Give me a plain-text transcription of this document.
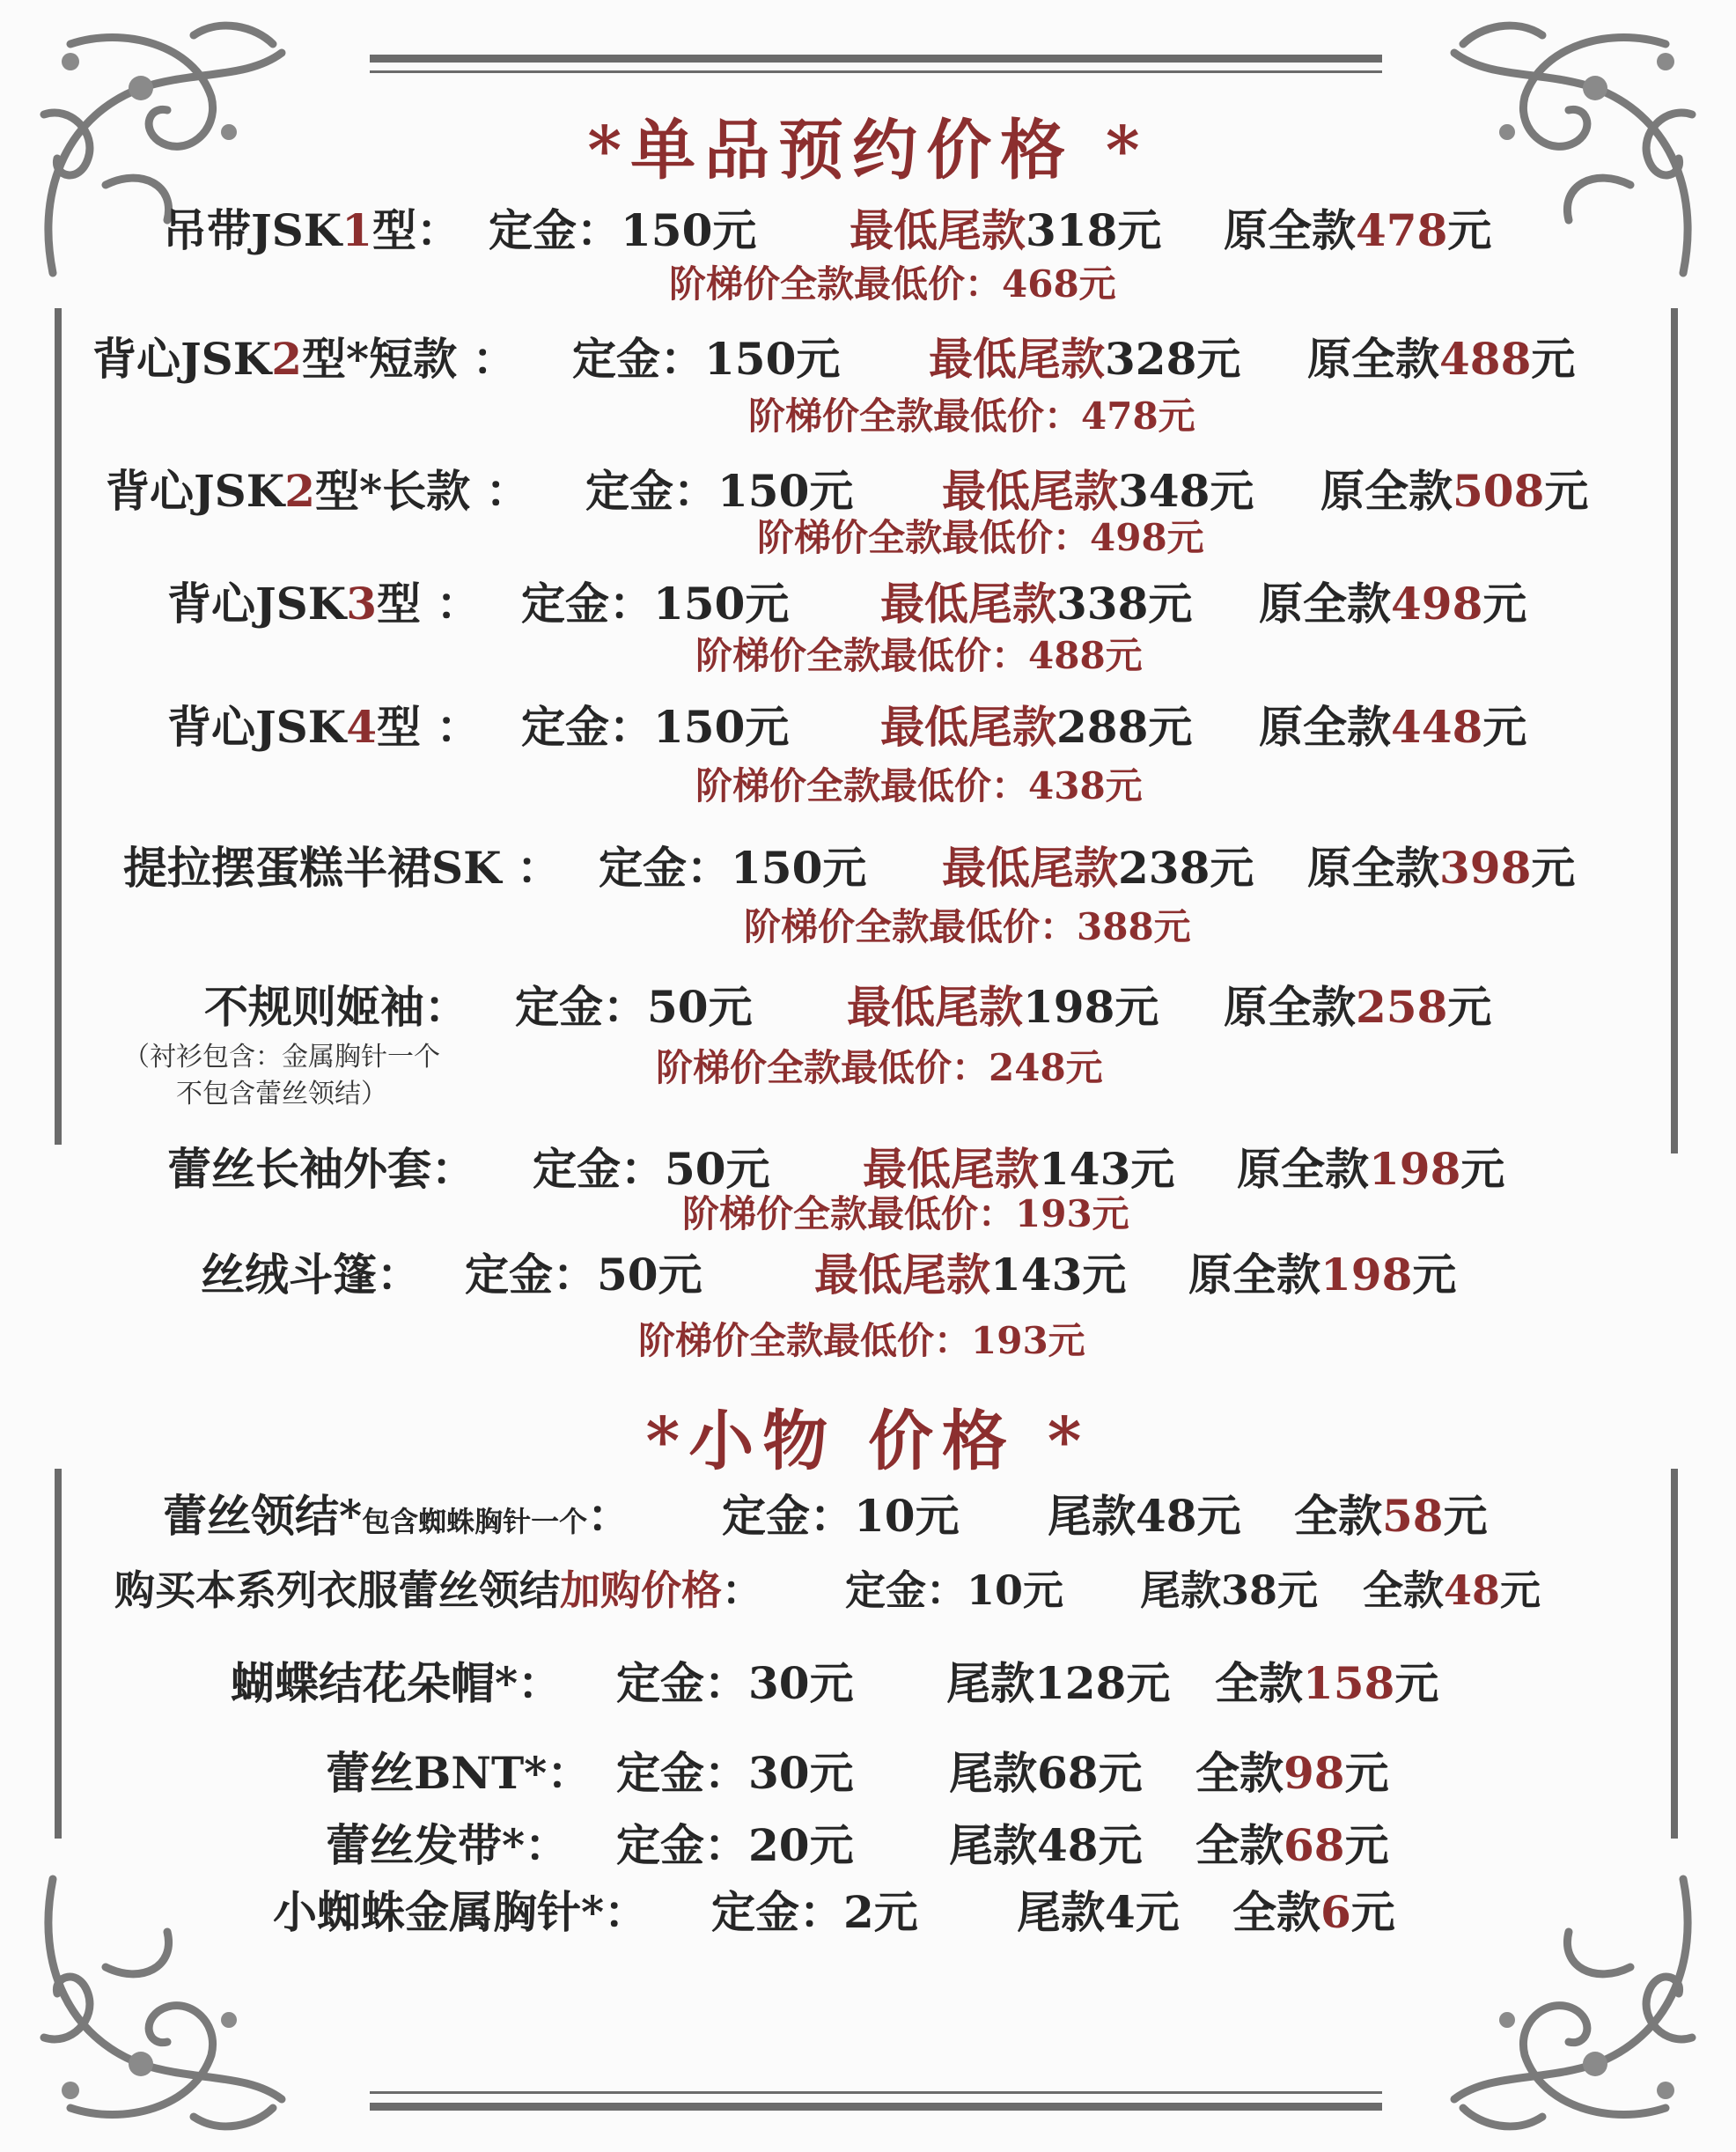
*单品预约价格 *
*小物 价格 *
吊带JSK1型： 定金：150元 最低尾款318元 原全款478元
阶梯价全款最低价：468元
背心JSK2型*短款 ： 定金：150元 最低尾款328元 原全款488元
阶梯价全款最低价：478元
背心JSK2型*长款 ： 定金：150元 最低尾款348元 原全款508元
阶梯价全款最低价：498元
背心JSK3型 ： 定金：150元 最低尾款338元 原全款498元
阶梯价全款最低价：488元
背心JSK4型 ： 定金：150元 最低尾款288元 原全款448元
阶梯价全款最低价：438元
提拉摆蛋糕半裙SK ： 定金：150元 最低尾款238元 原全款398元
阶梯价全款最低价：388元
不规则姬袖： 定金：50元 最低尾款198元 原全款258元
（衬衫包含：金属胸针一个
不包含蕾丝领结）
阶梯价全款最低价：248元
蕾丝长袖外套： 定金：50元 最低尾款143元 原全款198元
阶梯价全款最低价：193元
丝绒斗篷： 定金：50元	最低尾款143元 原全款198元
阶梯价全款最低价：193元
蕾丝领结*包含蜘蛛胸针一个： 定金：10元 尾款48元 全款58元
购买本系列衣服蕾丝领结加购价格： 定金：10元 尾款38元 全款48元
蝴蝶结花朵帽*： 定金：30元 尾款128元 全款158元
蕾丝BNT*： 定金：30元 尾款68元 全款98元
蕾丝发带*： 定金：20元 尾款48元 全款68元
小蜘蛛金属胸针*： 定金：2元 尾款4元 全款6元
